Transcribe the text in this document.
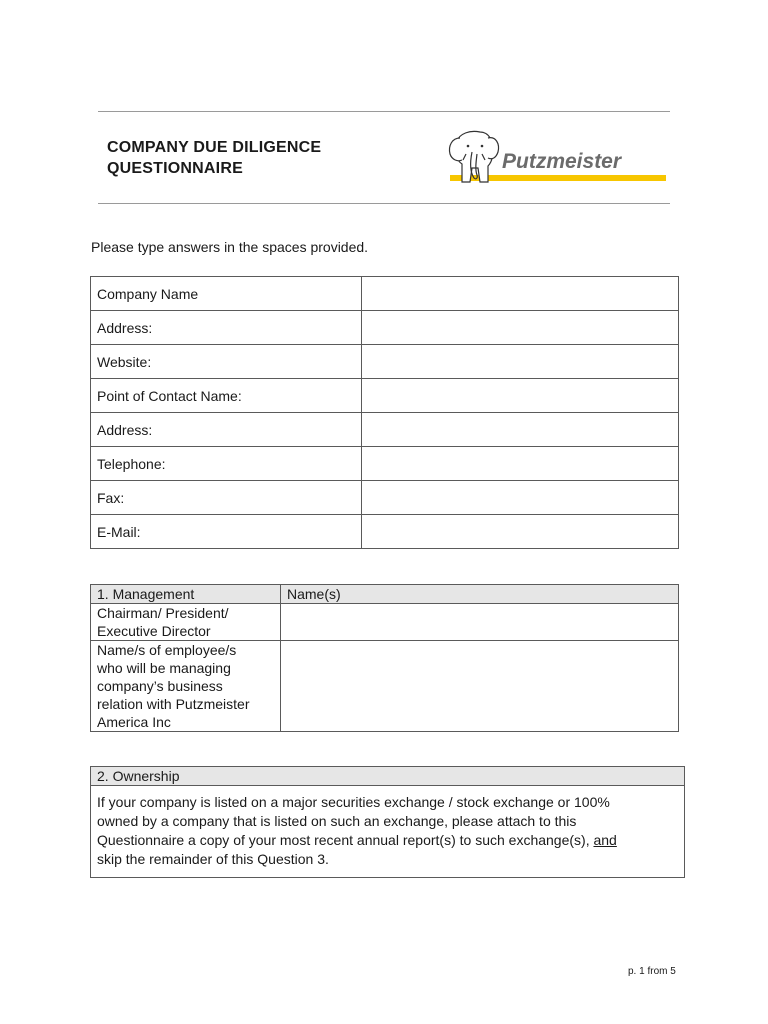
COMPANY DUE DILIGENCE
QUESTIONNAIRE	Putzmeister
Please type answers in the spaces provided.
Company Name	
Address:	
Website:	
Point of Contact Name:	
Address:	
Telephone:	
Fax:	
E-Mail:	
1. Management	Name(s)

Chairman/ President/
Executive Director	

Name/s of employee/s
who will be managing
company’s business
relation with Putzmeister
America Inc	

2. Ownership

If your company is listed on a major securities exchange / stock exchange or 100%
owned by a company that is listed on such an exchange, please attach to this
Questionnaire a copy of your most recent annual report(s) to such exchange(s), and
skip the remainder of this Question 3.
p. 1 from 5
